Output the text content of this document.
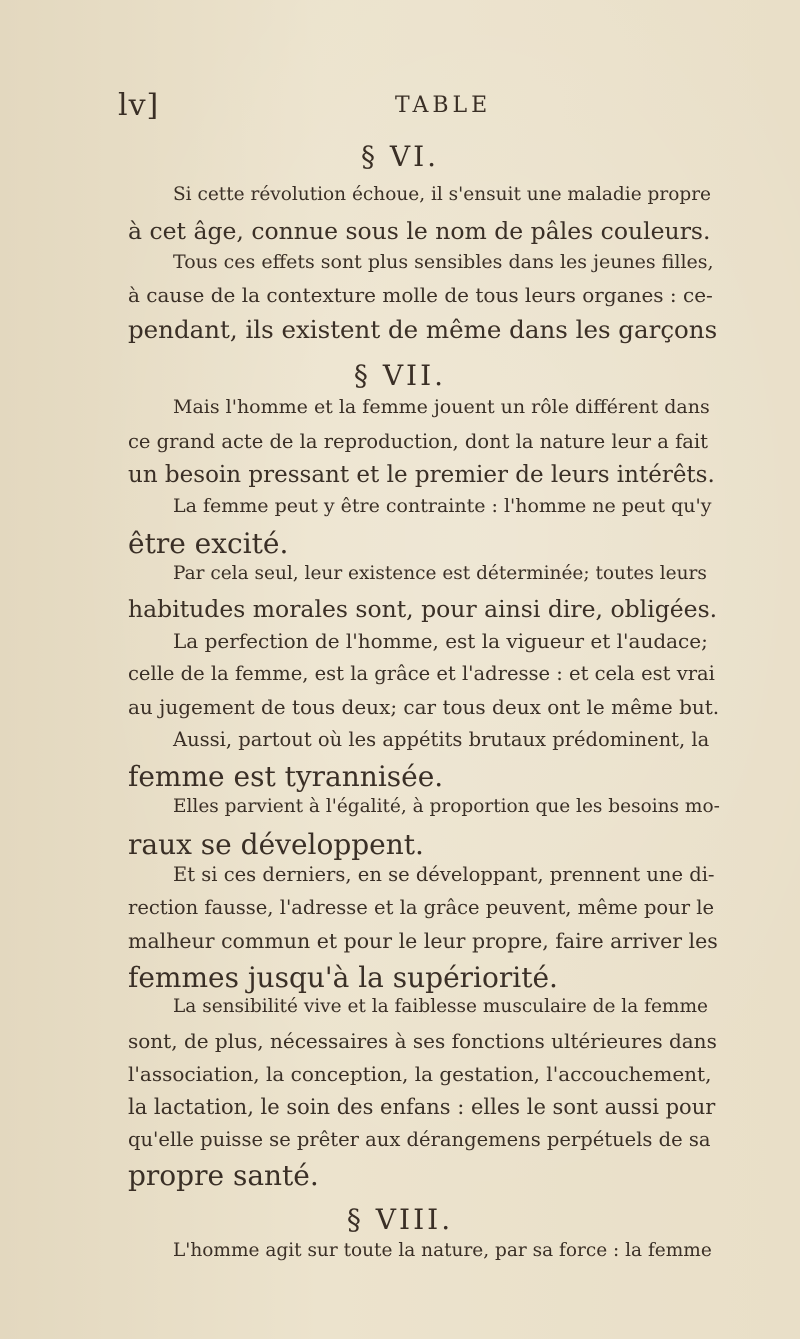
lv]	TABLE
§ VI.
Si cette révolution échoue, il s'ensuit une maladie propre
à cet âge, connue sous le nom de pâles couleurs.
Tous ces effets sont plus sensibles dans les jeunes filles,
à cause de la contexture molle de tous leurs organes : ce-
pendant, ils existent de même dans les garçons
§ VII.
Mais l'homme et la femme jouent un rôle différent dans
ce grand acte de la reproduction, dont la nature leur a fait
un besoin pressant et le premier de leurs intérêts.
La femme peut y être contrainte : l'homme ne peut qu'y
être excité.
Par cela seul, leur existence est déterminée; toutes leurs
habitudes morales sont, pour ainsi dire, obligées.
La perfection de l'homme, est la vigueur et l'audace;
celle de la femme, est la grâce et l'adresse : et cela est vrai
au jugement de tous deux; car tous deux ont le même but.
Aussi, partout où les appétits brutaux prédominent, la
femme est tyrannisée.
Elles parvient à l'égalité, à proportion que les besoins mo-
raux se développent.
Et si ces derniers, en se développant, prennent une di-
rection fausse, l'adresse et la grâce peuvent, même pour le
malheur commun et pour le leur propre, faire arriver les
femmes jusqu'à la supériorité.
La sensibilité vive et la faiblesse musculaire de la femme
sont, de plus, nécessaires à ses fonctions ultérieures dans
l'association, la conception, la gestation, l'accouchement,
la lactation, le soin des enfans : elles le sont aussi pour
qu'elle puisse se prêter aux dérangemens perpétuels de sa
propre santé.
§ VIII.
L'homme agit sur toute la nature, par sa force : la femme
